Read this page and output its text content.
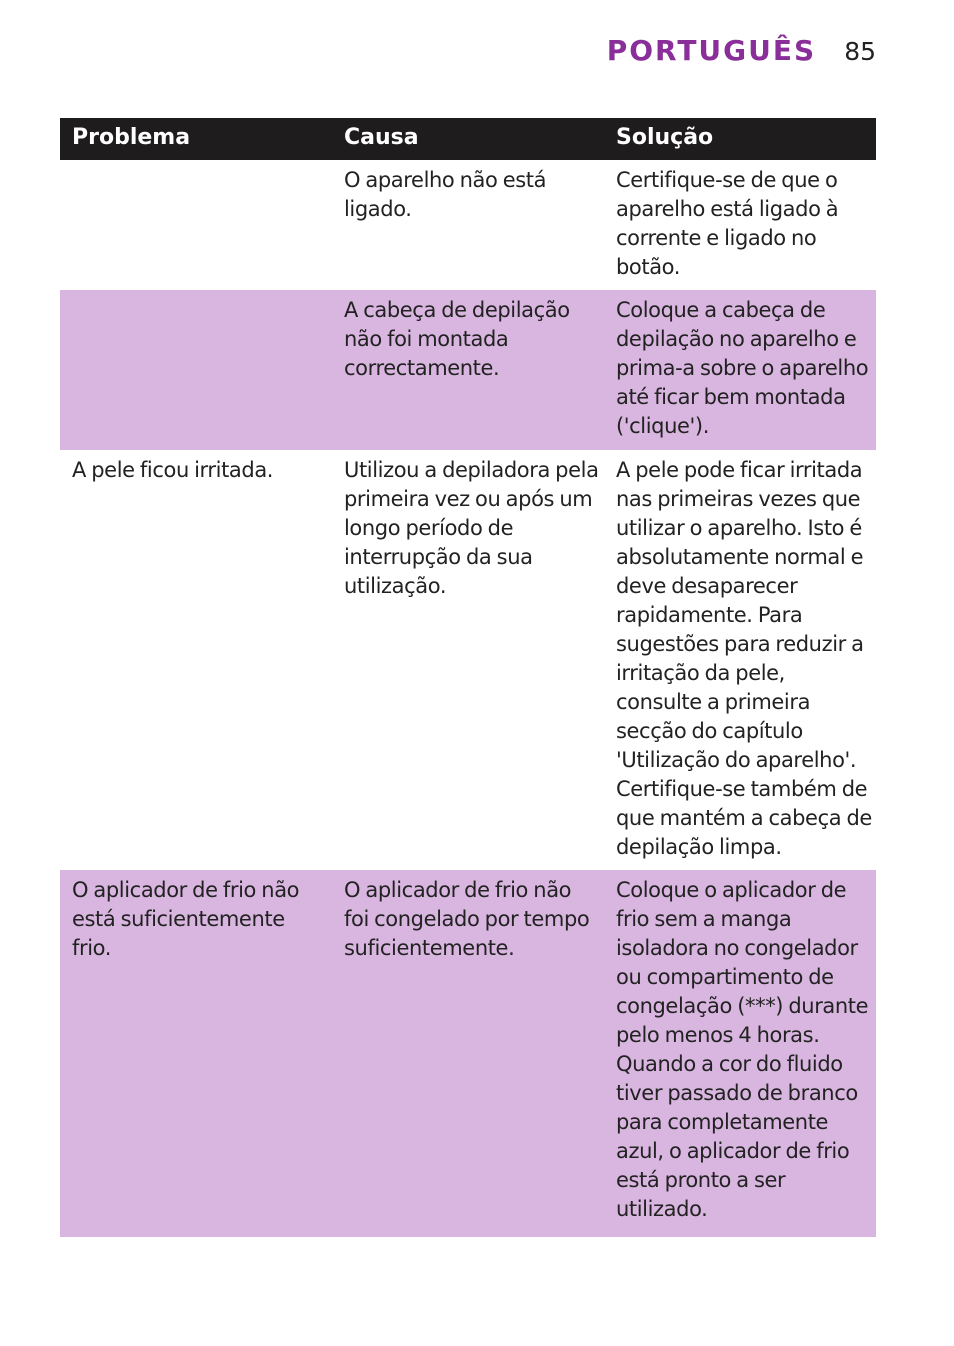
PORTUGUÊS 85
Problema	Causa	Solução
	O aparelho não está ligado.	Certifique-se de que o aparelho está ligado à corrente e ligado no botão.
	A cabeça de depilação não foi montada correctamente.	Coloque a cabeça de depilação no aparelho e prima-a sobre o aparelho até ficar bem montada ('clique').
A pele ficou irritada.	Utilizou a depiladora pela primeira vez ou após um longo período de interrupção da sua utilização.	A pele pode ficar irritada nas primeiras vezes que utilizar o aparelho. Isto é absolutamente normal e deve desaparecer rapidamente. Para sugestões para reduzir a irritação da pele, consulte a primeira secção do capítulo 'Utilização do aparelho'. Certifique-se também de que mantém a cabeça de depilação limpa.
O aplicador de frio não está suficientemente frio.	O aplicador de frio não foi congelado por tempo suficientemente.	Coloque o aplicador de frio sem a manga isoladora no congelador ou compartimento de congelação (***) durante pelo menos 4 horas. Quando a cor do fluido tiver passado de branco para completamente azul, o aplicador de frio está pronto a ser utilizado.
